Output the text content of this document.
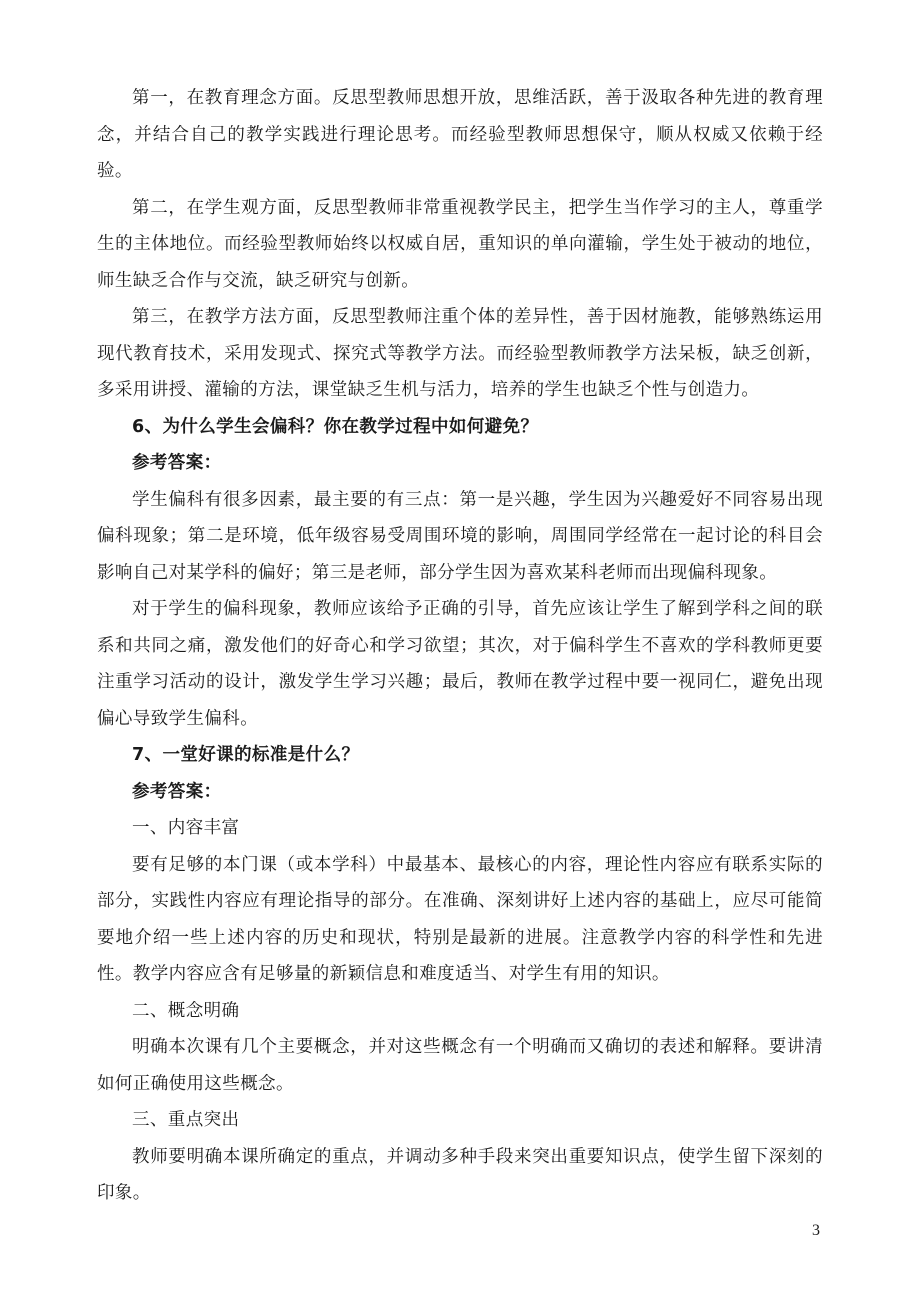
第一，在教育理念方面。反思型教师思想开放，思维活跃，善于汲取各种先进的教育理念，并结合自己的教学实践进行理论思考。而经验型教师思想保守，顺从权威又依赖于经验。

第二，在学生观方面，反思型教师非常重视教学民主，把学生当作学习的主人，尊重学生的主体地位。而经验型教师始终以权威自居，重知识的单向灌输，学生处于被动的地位，师生缺乏合作与交流，缺乏研究与创新。

第三，在教学方法方面，反思型教师注重个体的差异性，善于因材施教，能够熟练运用现代教育技术，采用发现式、探究式等教学方法。而经验型教师教学方法呆板，缺乏创新，多采用讲授、灌输的方法，课堂缺乏生机与活力，培养的学生也缺乏个性与创造力。

6、为什么学生会偏科？你在教学过程中如何避免？

参考答案：

学生偏科有很多因素，最主要的有三点：第一是兴趣，学生因为兴趣爱好不同容易出现偏科现象；第二是环境，低年级容易受周围环境的影响，周围同学经常在一起讨论的科目会影响自己对某学科的偏好；第三是老师，部分学生因为喜欢某科老师而出现偏科现象。

对于学生的偏科现象，教师应该给予正确的引导，首先应该让学生了解到学科之间的联系和共同之痛，激发他们的好奇心和学习欲望；其次，对于偏科学生不喜欢的学科教师更要注重学习活动的设计，激发学生学习兴趣；最后，教师在教学过程中要一视同仁，避免出现偏心导致学生偏科。

7、一堂好课的标准是什么？

参考答案：

一、内容丰富

要有足够的本门课（或本学科）中最基本、最核心的内容，理论性内容应有联系实际的部分，实践性内容应有理论指导的部分。在准确、深刻讲好上述内容的基础上，应尽可能简要地介绍一些上述内容的历史和现状，特别是最新的进展。注意教学内容的科学性和先进性。教学内容应含有足够量的新颖信息和难度适当、对学生有用的知识。

二、概念明确

明确本次课有几个主要概念，并对这些概念有一个明确而又确切的表述和解释。要讲清如何正确使用这些概念。

三、重点突出

教师要明确本课所确定的重点，并调动多种手段来突出重要知识点，使学生留下深刻的印象。

3
